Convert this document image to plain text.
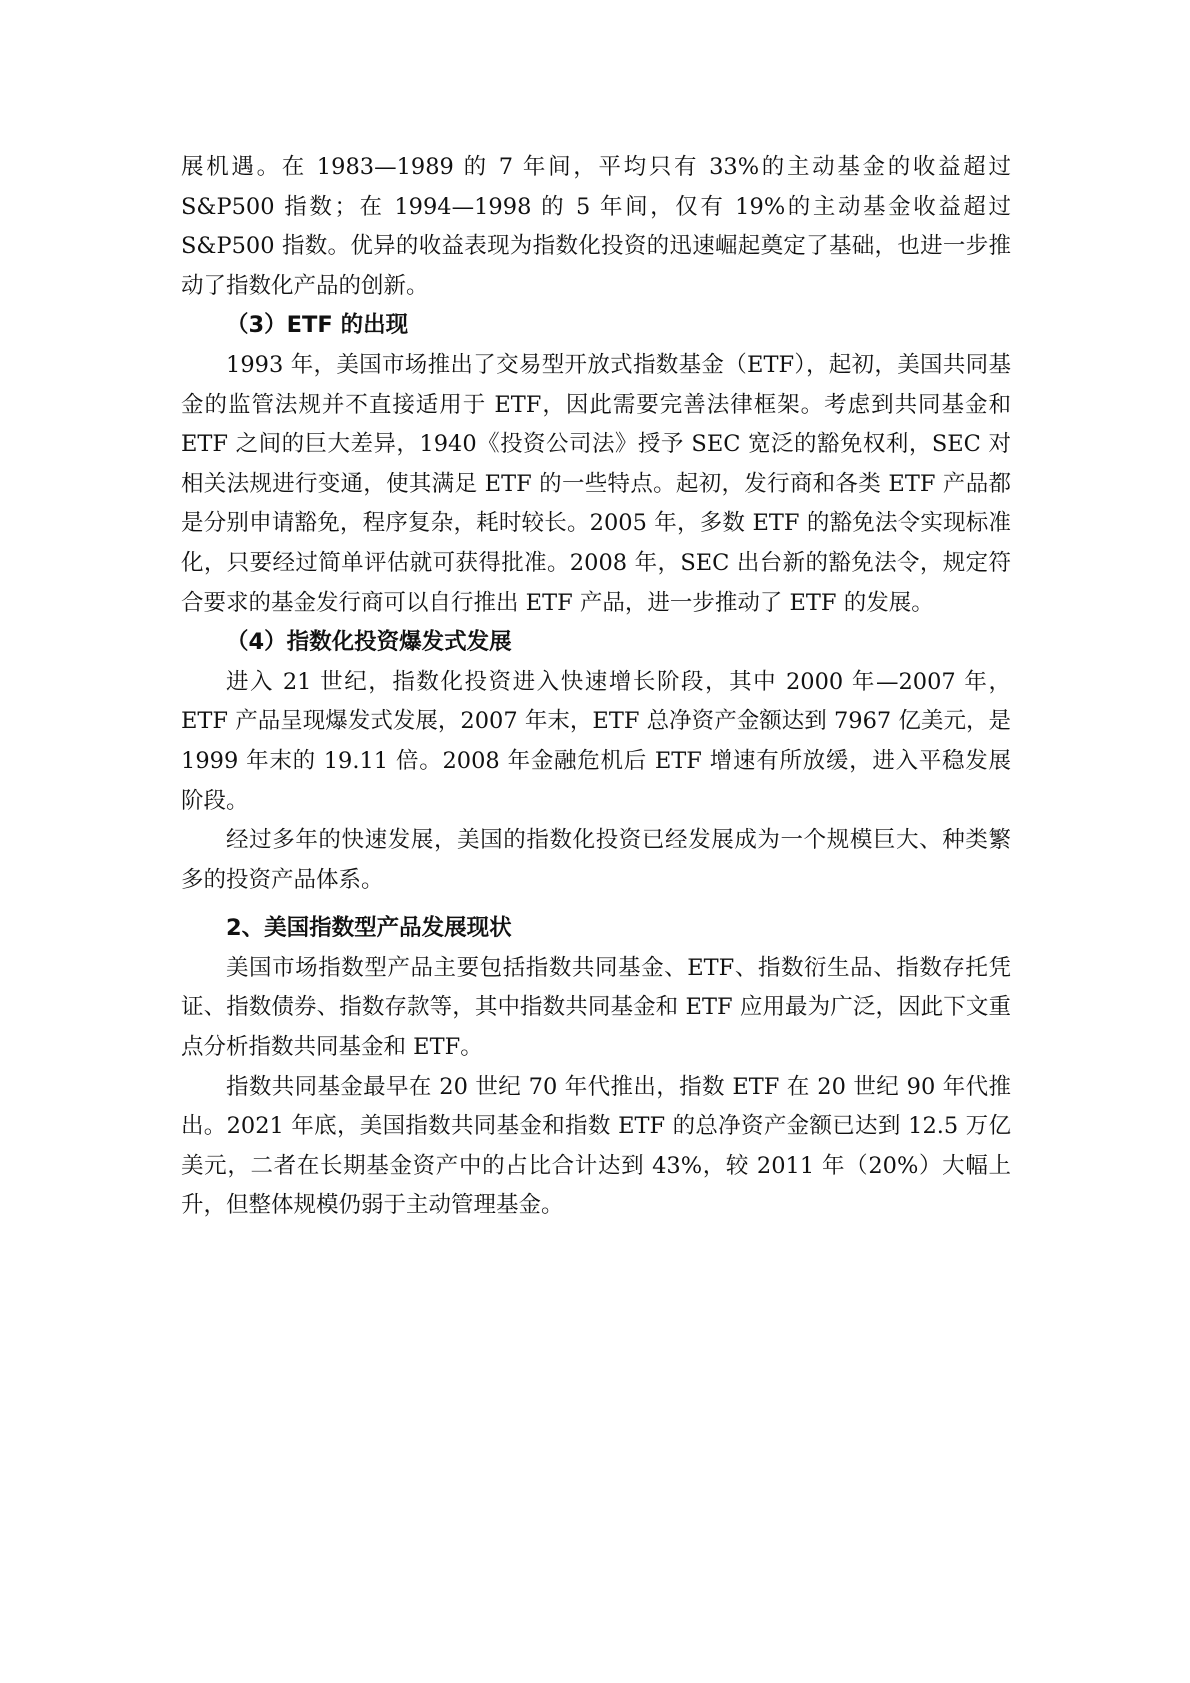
展机遇。在 1983—1989 的 7 年间，平均只有 33%的主动基金的收益超过 S&P500 指数；在 1994—1998 的 5 年间，仅有 19%的主动基金收益超过 S&P500 指数。优异的收益表现为指数化投资的迅速崛起奠定了基础，也进一步推动了指数化产品的创新。

（3）ETF 的出现

1993 年，美国市场推出了交易型开放式指数基金（ETF），起初，美国共同基金的监管法规并不直接适用于 ETF，因此需要完善法律框架。考虑到共同基金和 ETF 之间的巨大差异，1940《投资公司法》授予 SEC 宽泛的豁免权利，SEC 对相关法规进行变通，使其满足 ETF 的一些特点。起初，发行商和各类 ETF 产品都是分别申请豁免，程序复杂，耗时较长。2005 年，多数 ETF 的豁免法令实现标准化，只要经过简单评估就可获得批准。2008 年，SEC 出台新的豁免法令，规定符合要求的基金发行商可以自行推出 ETF 产品，进一步推动了 ETF 的发展。

（4）指数化投资爆发式发展

进入 21 世纪，指数化投资进入快速增长阶段，其中 2000 年—2007 年，ETF 产品呈现爆发式发展，2007 年末，ETF 总净资产金额达到 7967 亿美元，是 1999 年末的 19.11 倍。2008 年金融危机后 ETF 增速有所放缓，进入平稳发展阶段。

经过多年的快速发展，美国的指数化投资已经发展成为一个规模巨大、种类繁多的投资产品体系。

2、美国指数型产品发展现状

美国市场指数型产品主要包括指数共同基金、ETF、指数衍生品、指数存托凭证、指数债券、指数存款等，其中指数共同基金和 ETF 应用最为广泛，因此下文重点分析指数共同基金和 ETF。

指数共同基金最早在 20 世纪 70 年代推出，指数 ETF 在 20 世纪 90 年代推出。2021 年底，美国指数共同基金和指数 ETF 的总净资产金额已达到 12.5 万亿美元，二者在长期基金资产中的占比合计达到 43%，较 2011 年（20%）大幅上升，但整体规模仍弱于主动管理基金。
